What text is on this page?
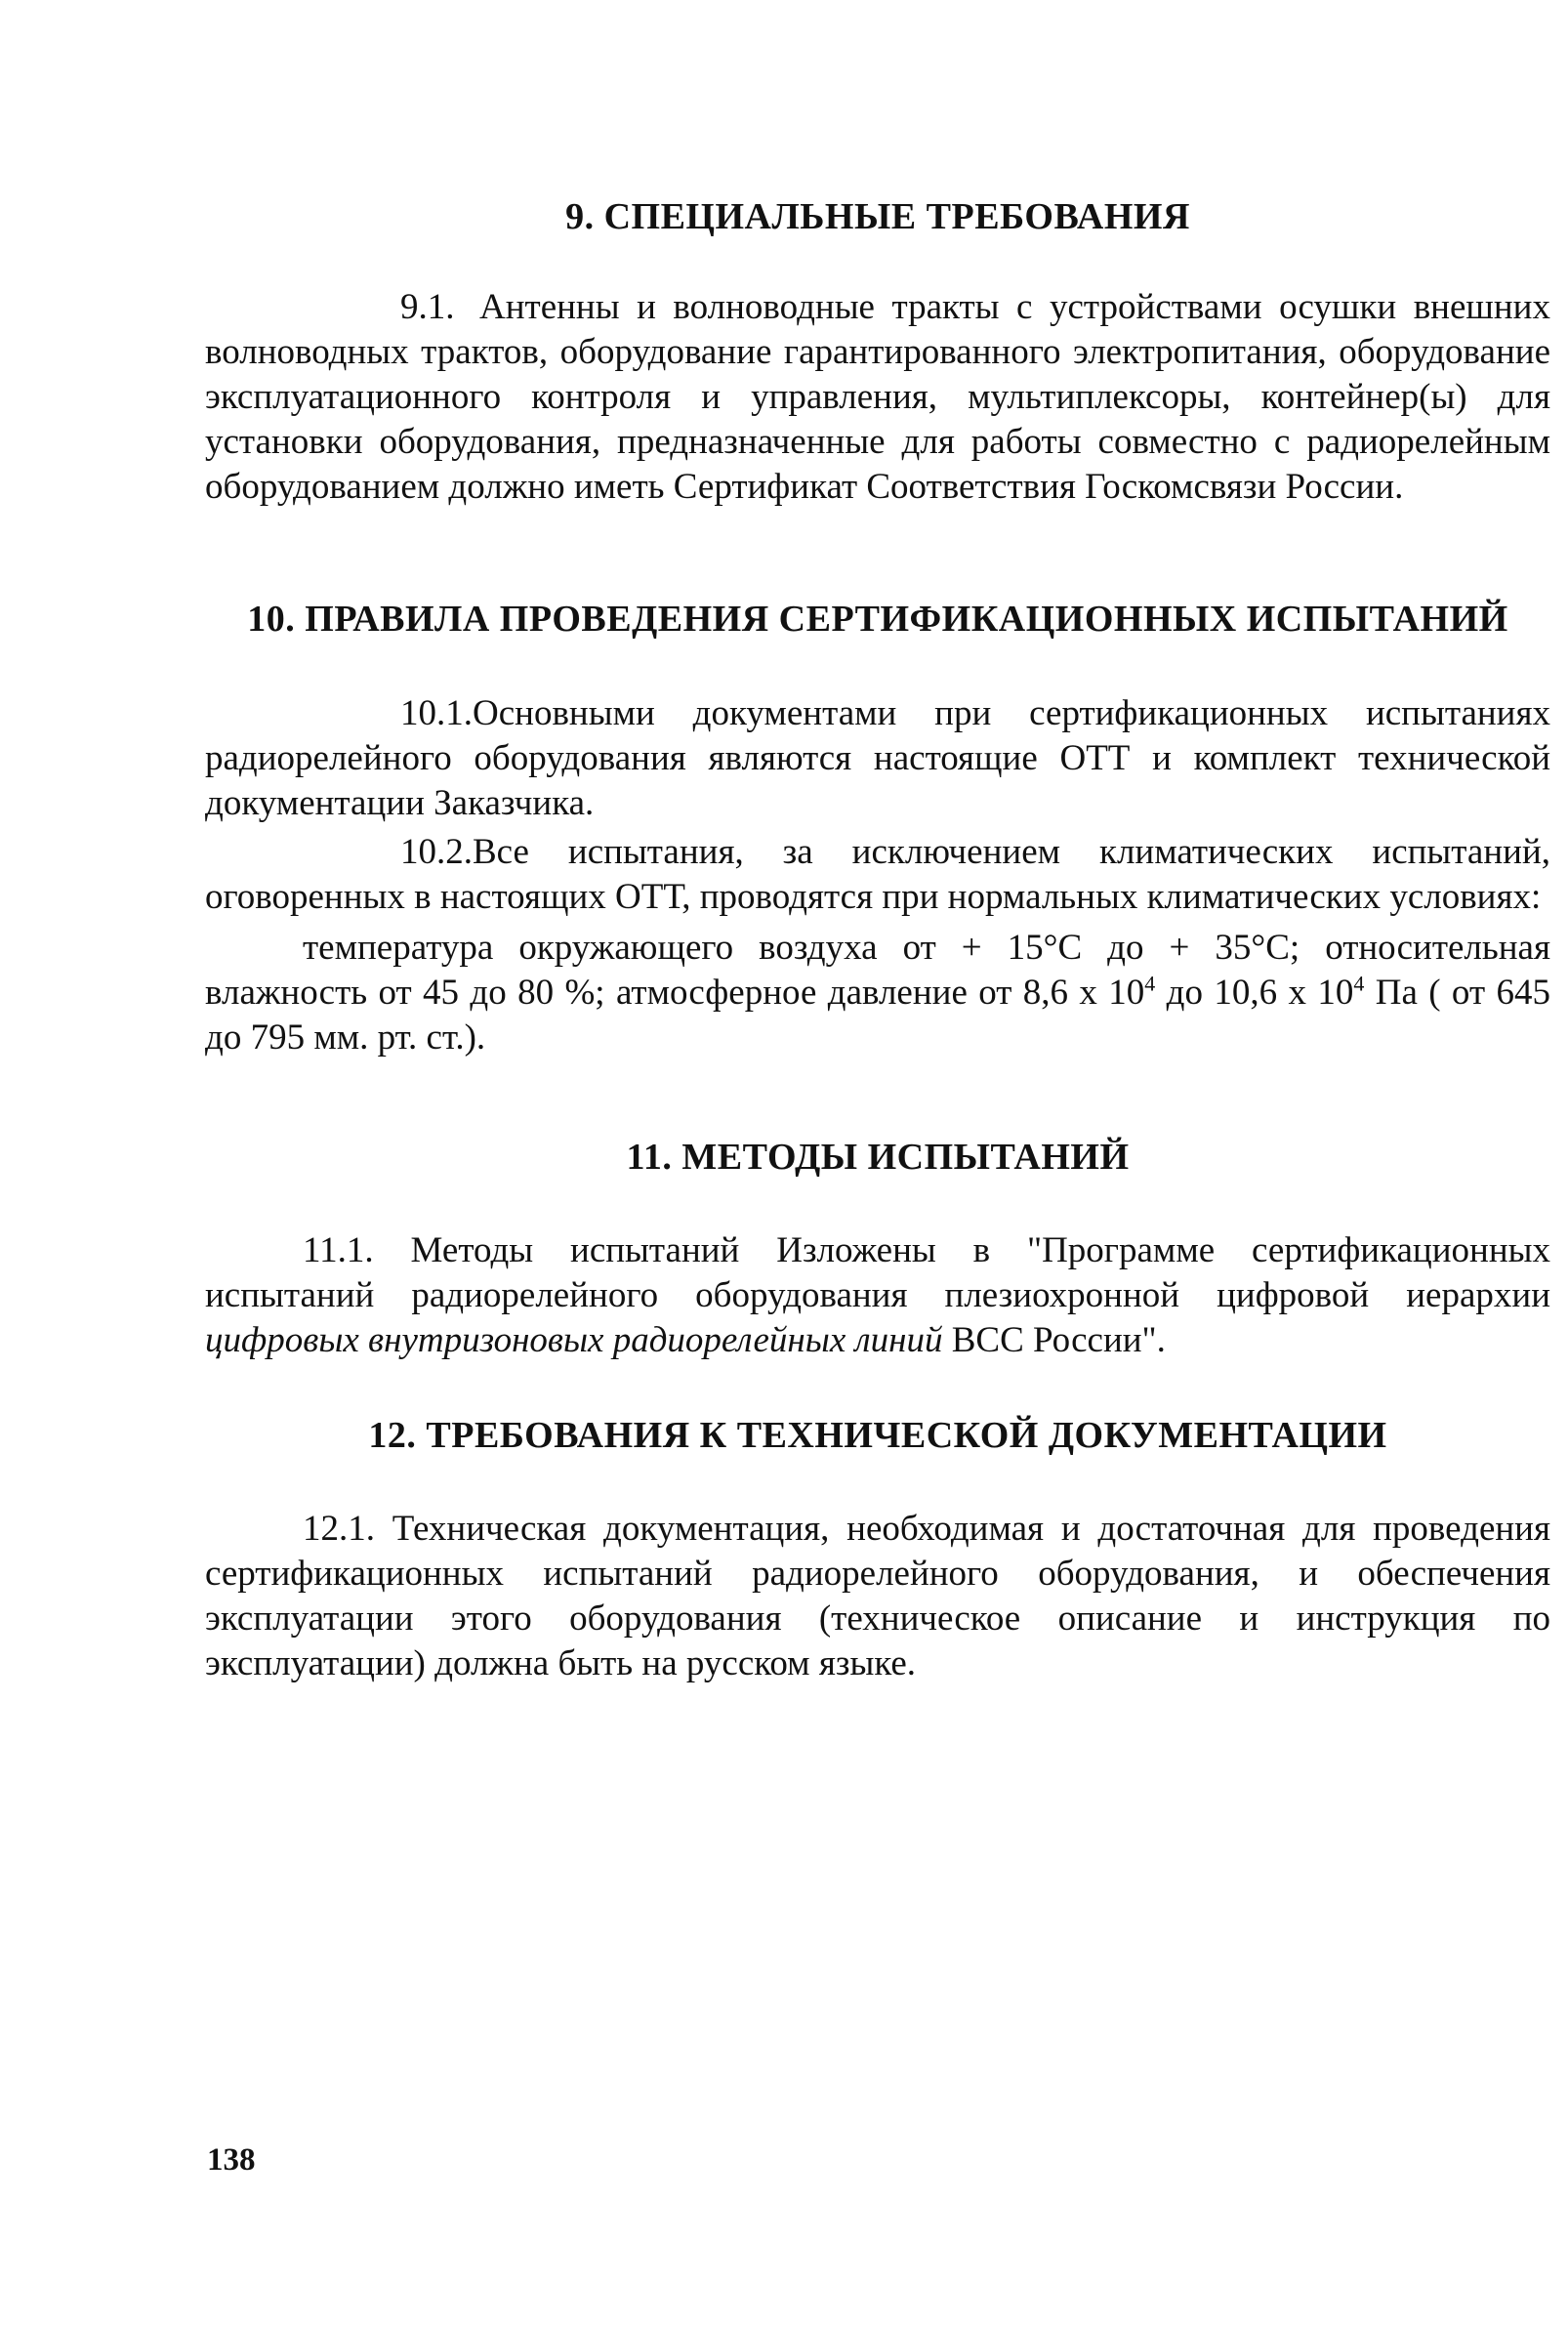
9. СПЕЦИАЛЬНЫЕ ТРЕБОВАНИЯ

9.1. Антенны и волноводные тракты с устройствами осушки внешних волноводных трактов, оборудование гарантированного электропитания, оборудование эксплуатационного контроля и управления, мультиплексоры, контейнер(ы) для установки оборудования, предназначенные для работы совместно с радиорелейным оборудованием должно иметь Сертификат Соответствия Госкомсвязи России.

10. ПРАВИЛА ПРОВЕДЕНИЯ СЕРТИФИКАЦИОННЫХ ИСПЫТАНИЙ

10.1.Основными документами при сертификационных испытаниях радиорелейного оборудования являются настоящие ОТТ и комплект технической документации Заказчика.

10.2.Все испытания, за исключением климатических испытаний, оговоренных в настоящих ОТТ, проводятся при нормальных климатических условиях:

температура окружающего воздуха от + 15°С до + 35°С; относительная влажность от 45 до 80 %; атмосферное давление от 8,6 х $10^4$ до 10,6 х $10^4$ Па ( от 645 до 795 мм. рт. ст.).

11. МЕТОДЫ ИСПЫТАНИЙ

11.1. Методы испытаний Изложены в "Программе сертификационных испытаний радиорелейного оборудования плезиохронной цифровой иерархии цифровых внутризоновых радиорелейных линий ВСС России".

12. ТРЕБОВАНИЯ К ТЕХНИЧЕСКОЙ ДОКУМЕНТАЦИИ

12.1. Техническая документация, необходимая и достаточная для проведения сертификационных испытаний радиорелейного оборудования, и обеспечения эксплуатации этого оборудования (техническое описание и инструкция по эксплуатации) должна быть на русском языке.

138
